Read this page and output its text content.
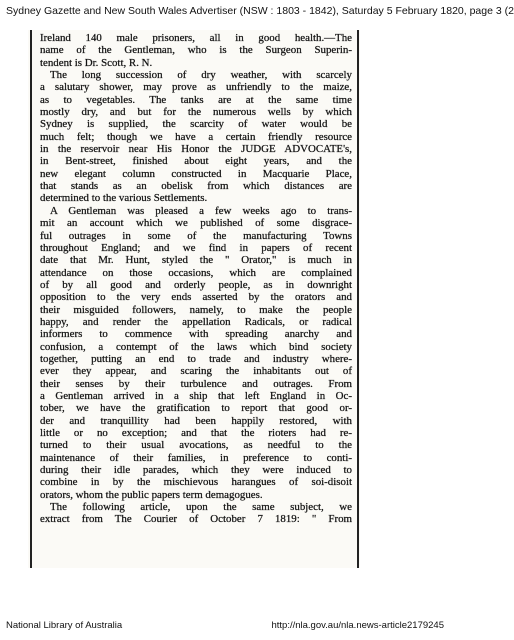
Sydney Gazette and New South Wales Advertiser (NSW : 1803 - 1842), Saturday 5 February 1820, page 3 (2
Ireland 140 male prisoners, all in good health.—The
name of the Gentleman, who is the Surgeon Superin-
tendent is Dr. Scott, R. N.
The long succession of dry weather, with scarcely
a salutary shower, may prove as unfriendly to the maize,
as to vegetables. The tanks are at the same time
mostly dry, and but for the numerous wells by which
Sydney is supplied, the scarcity of water would be
much felt; though we have a certain friendly resource
in the reservoir near His Honor the JUDGE ADVOCATE's,
in Bent-street, finished about eight years, and the
new elegant column constructed in Macquarie Place,
that stands as an obelisk from which distances are
determined to the various Settlements.
A Gentleman was pleased a few weeks ago to trans-
mit an account which we published of some disgrace-
ful outrages in some of the manufacturing Towns
throughout England; and we find in papers of recent
date that Mr. Hunt, styled the " Orator," is much in
attendance on those occasions, which are complained
of by all good and orderly people, as in downright
opposition to the very ends asserted by the orators and
their misguided followers, namely, to make the people
happy, and render the appellation Radicals, or radical
informers to commence with spreading anarchy and
confusion, a contempt of the laws which bind society
together, putting an end to trade and industry where-
ever they appear, and scaring the inhabitants out of
their senses by their turbulence and outrages. From
a Gentleman arrived in a ship that left England in Oc-
tober, we have the gratification to report that good or-
der and tranquillity had been happily restored, with
little or no exception; and that the rioters had re-
turned to their usual avocations, as needful to the
maintenance of their families, in preference to conti-
during their idle parades, which they were induced to
combine in by the mischievous harangues of soi-disoit
orators, whom the public papers term demagogues.
The following article, upon the same subject, we
extract from The Courier of October 7 1819: " From
National Library of Australia	http://nla.gov.au/nla.news-article2179245
